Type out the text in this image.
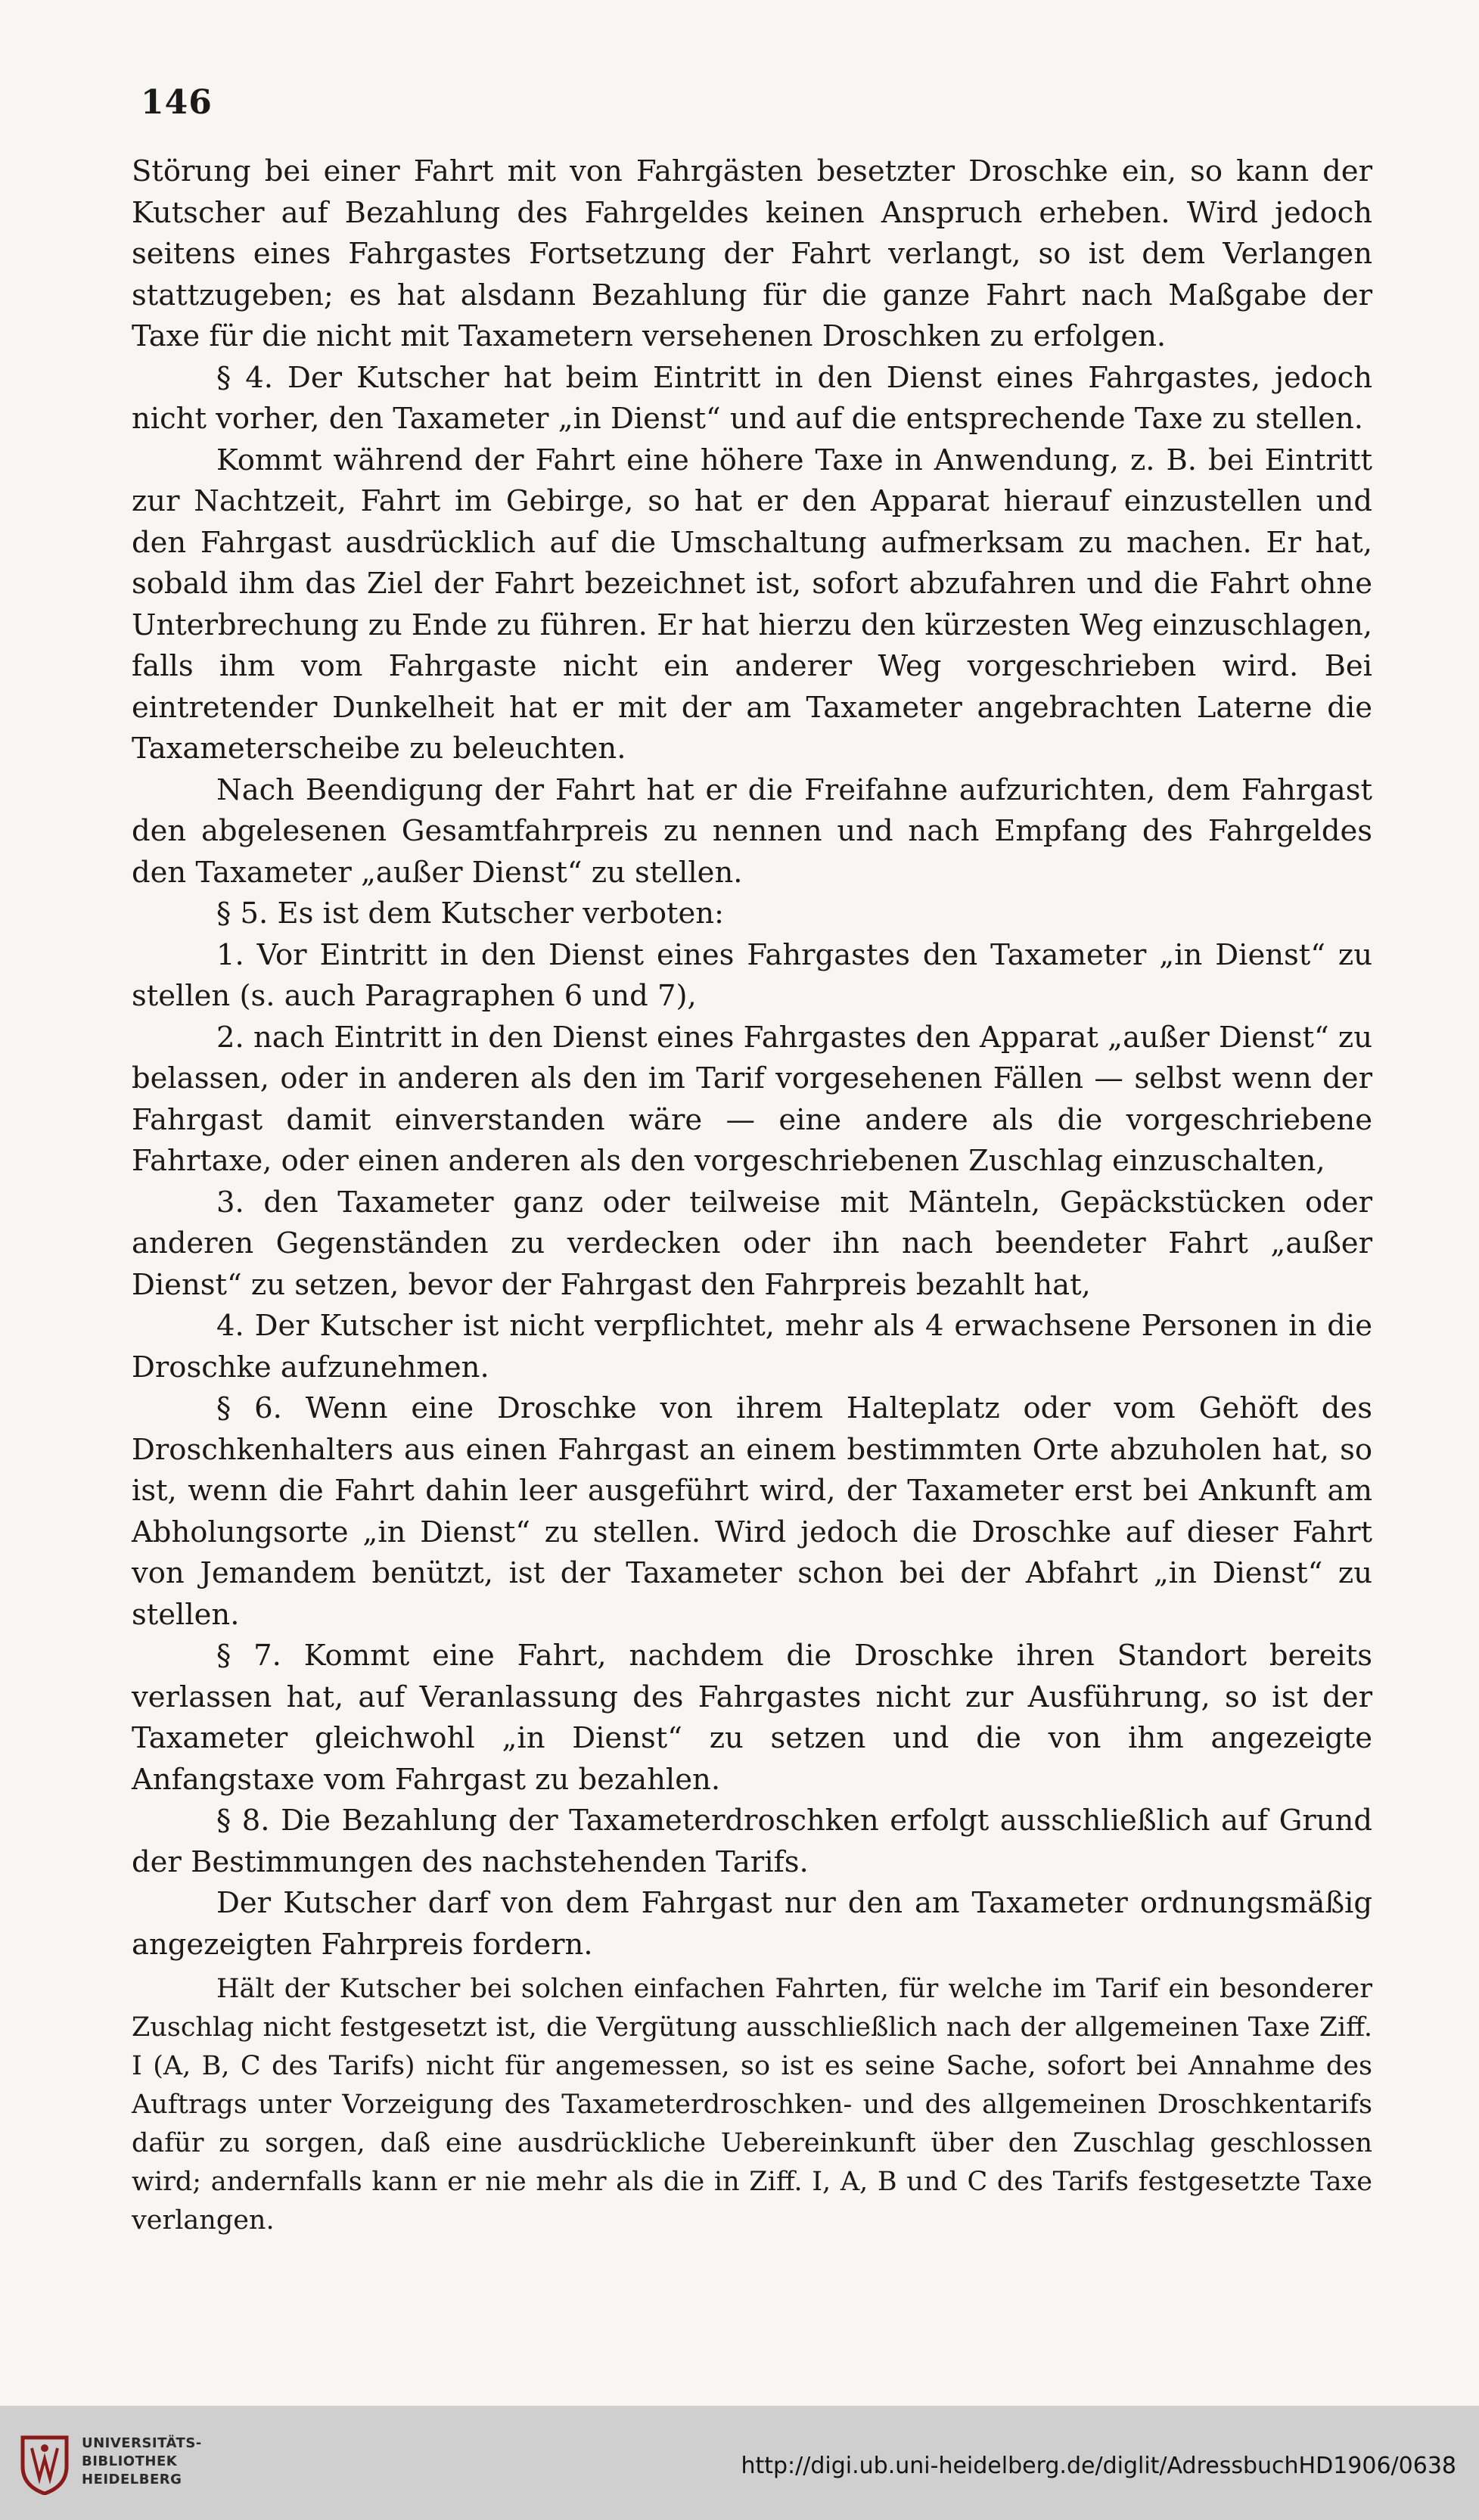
146

Störung bei einer Fahrt mit von Fahrgästen besetzter Droschke ein, so kann der Kutscher auf Bezahlung des Fahrgeldes keinen Anspruch erheben. Wird jedoch seitens eines Fahrgastes Fortsetzung der Fahrt verlangt, so ist dem Verlangen stattzugeben; es hat alsdann Bezahlung für die ganze Fahrt nach Maßgabe der Taxe für die nicht mit Taxametern versehenen Droschken zu erfolgen.

§ 4. Der Kutscher hat beim Eintritt in den Dienst eines Fahrgastes, jedoch nicht vorher, den Taxameter „in Dienst“ und auf die entsprechende Taxe zu stellen.

Kommt während der Fahrt eine höhere Taxe in Anwendung, z. B. bei Eintritt zur Nachtzeit, Fahrt im Gebirge, so hat er den Apparat hierauf einzustellen und den Fahrgast ausdrücklich auf die Umschaltung aufmerksam zu machen. Er hat, sobald ihm das Ziel der Fahrt bezeichnet ist, sofort abzufahren und die Fahrt ohne Unterbrechung zu Ende zu führen. Er hat hierzu den kürzesten Weg einzuschlagen, falls ihm vom Fahrgaste nicht ein anderer Weg vorgeschrieben wird. Bei eintretender Dunkelheit hat er mit der am Taxameter angebrachten Laterne die Taxameterscheibe zu beleuchten.

Nach Beendigung der Fahrt hat er die Freifahne aufzurichten, dem Fahrgast den abgelesenen Gesamtfahrpreis zu nennen und nach Empfang des Fahrgeldes den Taxameter „außer Dienst“ zu stellen.

§ 5. Es ist dem Kutscher verboten:

1. Vor Eintritt in den Dienst eines Fahrgastes den Taxameter „in Dienst“ zu stellen (s. auch Paragraphen 6 und 7),

2. nach Eintritt in den Dienst eines Fahrgastes den Apparat „außer Dienst“ zu belassen, oder in anderen als den im Tarif vorgesehenen Fällen — selbst wenn der Fahrgast damit einverstanden wäre — eine andere als die vorgeschriebene Fahrtaxe, oder einen anderen als den vorgeschriebenen Zuschlag einzuschalten,

3. den Taxameter ganz oder teilweise mit Mänteln, Gepäckstücken oder anderen Gegenständen zu verdecken oder ihn nach beendeter Fahrt „außer Dienst“ zu setzen, bevor der Fahrgast den Fahrpreis bezahlt hat,

4. Der Kutscher ist nicht verpflichtet, mehr als 4 erwachsene Personen in die Droschke aufzunehmen.

§ 6. Wenn eine Droschke von ihrem Halteplatz oder vom Gehöft des Droschkenhalters aus einen Fahrgast an einem bestimmten Orte abzuholen hat, so ist, wenn die Fahrt dahin leer ausgeführt wird, der Taxameter erst bei Ankunft am Abholungsorte „in Dienst“ zu stellen. Wird jedoch die Droschke auf dieser Fahrt von Jemandem benützt, ist der Taxameter schon bei der Abfahrt „in Dienst“ zu stellen.

§ 7. Kommt eine Fahrt, nachdem die Droschke ihren Standort bereits verlassen hat, auf Veranlassung des Fahrgastes nicht zur Ausführung, so ist der Taxameter gleichwohl „in Dienst“ zu setzen und die von ihm angezeigte Anfangstaxe vom Fahrgast zu bezahlen.

§ 8. Die Bezahlung der Taxameterdroschken erfolgt ausschließlich auf Grund der Bestimmungen des nachstehenden Tarifs.

Der Kutscher darf von dem Fahrgast nur den am Taxameter ordnungsmäßig angezeigten Fahrpreis fordern.

Hält der Kutscher bei solchen einfachen Fahrten, für welche im Tarif ein besonderer Zuschlag nicht festgesetzt ist, die Vergütung ausschließlich nach der allgemeinen Taxe Ziff. I (A, B, C des Tarifs) nicht für angemessen, so ist es seine Sache, sofort bei Annahme des Auftrags unter Vorzeigung des Taxameterdroschken- und des allgemeinen Droschkentarifs dafür zu sorgen, daß eine ausdrückliche Uebereinkunft über den Zuschlag geschlossen wird; andernfalls kann er nie mehr als die in Ziff. I, A, B und C des Tarifs festgesetzte Taxe verlangen.

UNIVERSITÄTS-
BIBLIOTHEK
HEIDELBERG
http://digi.ub.uni-heidelberg.de/diglit/AdressbuchHD1906/0638
